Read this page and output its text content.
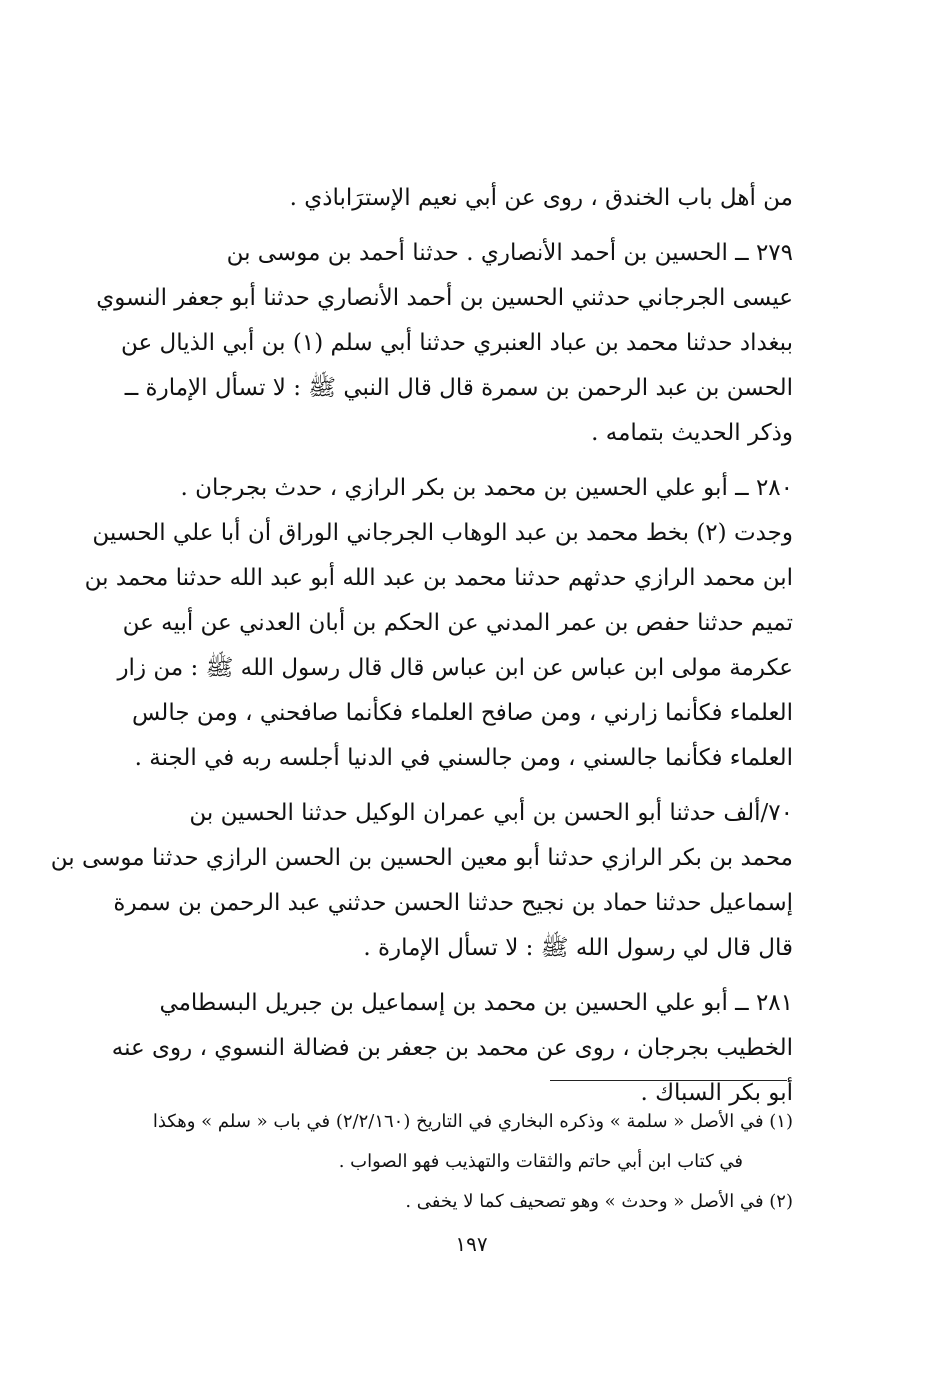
من أهل باب الخندق ، روى عن أبي نعيم الإسترَاباذي .
٢٧٩ ــ الحسين بن أحمد الأنصاري . حدثنا أحمد بن موسى بن
عيسى الجرجاني حدثني الحسين بن أحمد الأنصاري حدثنا أبو جعفر النسوي
ببغداد حدثنا محمد بن عباد العنبري حدثنا أبي سلم (١) بن أبي الذيال عن
الحسن بن عبد الرحمن بن سمرة قال قال النبي ﷺ : لا تسأل الإمارة ــ
وذكر الحديث بتمامه .
٢٨٠ ــ أبو علي الحسين بن محمد بن بكر الرازي ، حدث بجرجان .
وجدت (٢) بخط محمد بن عبد الوهاب الجرجاني الوراق أن أبا علي الحسين
ابن محمد الرازي حدثهم حدثنا محمد بن عبد الله أبو عبد الله حدثنا محمد بن
تميم حدثنا حفص بن عمر المدني عن الحكم بن أبان العدني عن أبيه عن
عكرمة مولى ابن عباس عن ابن عباس قال قال رسول الله ﷺ : من زار
العلماء فكأنما زارني ، ومن صافح العلماء فكأنما صافحني ، ومن جالس
العلماء فكأنما جالسني ، ومن جالسني في الدنيا أجلسه ربه في الجنة .
٧٠/ألف حدثنا أبو الحسن بن أبي عمران الوكيل حدثنا الحسين بن
محمد بن بكر الرازي حدثنا أبو معين الحسين بن الحسن الرازي حدثنا موسى بن
إسماعيل حدثنا حماد بن نجيح حدثنا الحسن حدثني عبد الرحمن بن سمرة
قال قال لي رسول الله ﷺ : لا تسأل الإمارة .
٢٨١ ــ أبو علي الحسين بن محمد بن إسماعيل بن جبريل البسطامي
الخطيب بجرجان ، روى عن محمد بن جعفر بن فضالة النسوي ، روى عنه
أبو بكر السباك .
(١) في الأصل « سلمة » وذكره البخاري في التاريخ (٢/٢/١٦٠) في باب « سلم » وهكذا
في كتاب ابن أبي حاتم والثقات والتهذيب فهو الصواب .
(٢) في الأصل « وحدث » وهو تصحيف كما لا يخفى .
١٩٧
